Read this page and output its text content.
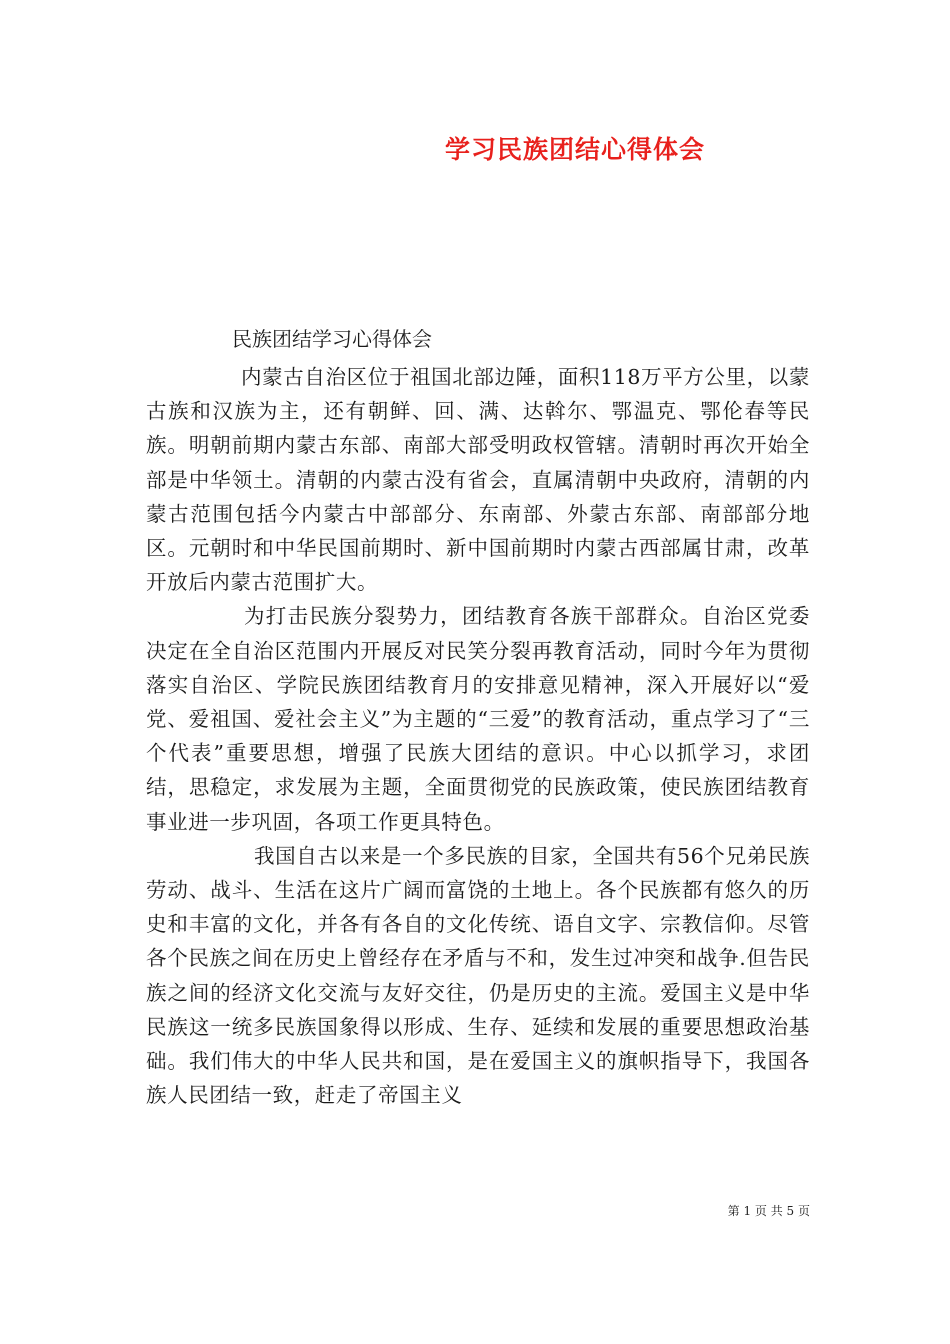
学习民族团结心得体会
民族团结学习心得体会

内蒙古自治区位于祖国北部边陲，面积118万平方公里，以蒙古族和汉族为主，还有朝鲜、回、满、达斡尔、鄂温克、鄂伦春等民族。明朝前期内蒙古东部、南部大部受明政权管辖。清朝时再次开始全部是中华领土。清朝的内蒙古没有省会，直属清朝中央政府，清朝的内蒙古范围包括今内蒙古中部部分、东南部、外蒙古东部、南部部分地区。元朝时和中华民国前期时、新中国前期时内蒙古西部属甘肃，改革开放后内蒙古范围扩大。

为打击民族分裂势力，团结教育各族干部群众。自治区党委决定在全自治区范围内开展反对民笑分裂再教育活动，同时今年为贯彻落实自治区、学院民族团结教育月的安排意见精神，深入开展好以“爱党、爱祖国、爱社会主义”为主题的“三爱”的教育活动，重点学习了“三个代表”重要思想，增强了民族大团结的意识。中心以抓学习，求团结，思稳定，求发展为主题，全面贯彻党的民族政策，使民族团结教育事业进一步巩固，各项工作更具特色。

我国自古以来是一个多民族的目家，全国共有56个兄弟民族劳动、战斗、生活在这片广阔而富饶的土地上。各个民族都有悠久的历史和丰富的文化，并各有各自的文化传统、语自文字、宗教信仰。尽管各个民族之间在历史上曾经存在矛盾与不和，发生过冲突和战争.但告民族之间的经济文化交流与友好交往，仍是历史的主流。爱国主义是中华民族这一统多民族国象得以形成、生存、延续和发展的重要思想政治基础。我们伟大的中华人民共和国，是在爱国主义的旗帜指导下，我国各族人民团结一致，赶走了帝国主义

第 1 页 共 5 页
